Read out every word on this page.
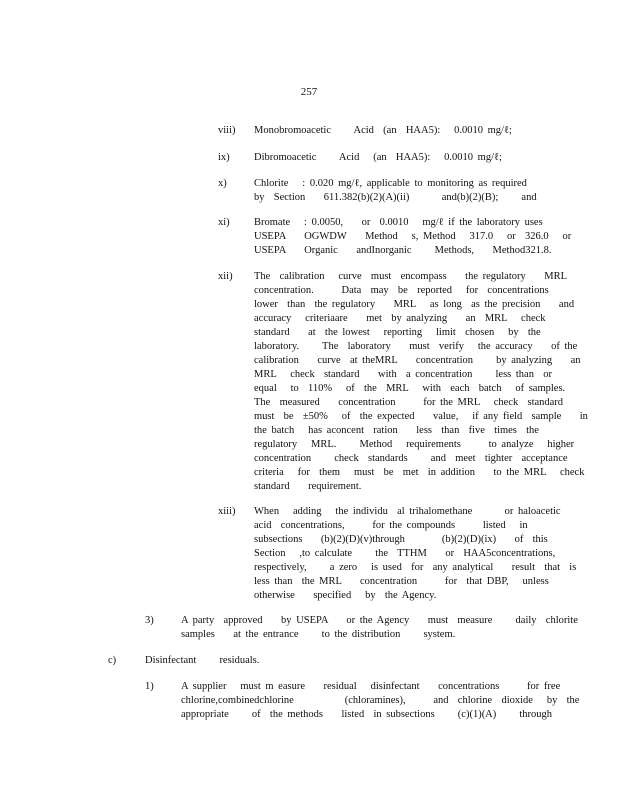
257
viii) Monobromoacetic     Acid  (an  HAA5):   0.0010 mg/ℓ;
ix) Dibromoacetic     Acid   (an  HAA5):   0.0010 mg/ℓ;
x)	Chlorite   : 0.020 mg/ℓ, applicable to monitoring as required
by  Section    611.382(b)(2)(A)(ii)       and(b)(2)(B);     and
xi) Bromate   : 0.0050,    or  0.0010   mg/ℓ if the laboratory uses
USEPA    OGWDW    Method   s, Method   317.0   or  326.0   or
USEPA    Organic    andInorganic     Methods,    Method321.8.
xii) The  calibration   curve  must  encompass    the regulatory    MRL
concentration.      Data  may  be  reported   for  concentrations
lower  than  the regulatory    MRL   as long  as the precision    and
accuracy   criteriaare    met  by analyzing    an  MRL   check
standard    at  the lowest   reporting   limit  chosen   by  the
laboratory.     The  laboratory    must  verify   the accuracy    of the
calibration    curve  at theMRL    concentration     by analyzing    an
MRL   check  standard    with  a concentration     less than  or
equal   to  110%   of  the  MRL   with  each  batch   of samples.
The  measured    concentration      for the MRL   check  standard
must  be  ±50%   of  the expected    value,   if any field  sample    in
the batch   has aconcent  ration    less  than  five  times  the
regulatory   MRL.     Method   requirements      to analyze   higher
concentration     check  standards     and  meet  tighter  acceptance
criteria   for  them   must  be  met  in addition    to the MRL   check
standard    requirement.
xiii) When   adding   the individu  al trihalomethane       or haloacetic
acid  concentrations,      for the compounds      listed   in
subsections    (b)(2)(D)(v)through        (b)(2)(D)(ix)    of  this
Section   ,to calculate     the  TTHM    or  HAA5concentrations,
respectively,     a zero   is used  for  any analytical    result  that  is
less than  the MRL    concentration      for  that DBP,   unless
otherwise    specified   by  the Agency.
3)	A party  approved    by USEPA    or the Agency    must  measure     daily  chlorite
samples    at the entrance     to the distribution     system.
c)	Disinfectant     residuals.
1)	A supplier   must m easure    residual   disinfectant    concentrations      for free
chlorine,combinedchlorine           (chloramines),      and  chlorine  dioxide   by  the
appropriate     of  the methods    listed  in subsections     (c)(1)(A)     through
